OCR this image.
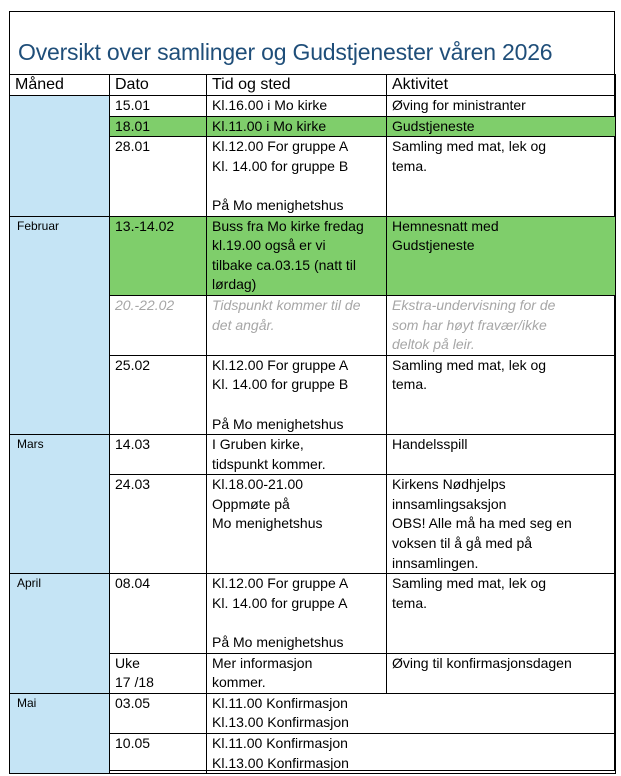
Oversikt over samlinger og Gudstjenester våren 2026
Måned	Dato	Tid og sted	Aktivitet
	15.01	Kl.16.00 i Mo kirke	Øving for ministranter

	18.01	Kl.11.00 i Mo kirke	Gudstjeneste

	28.01	Kl.12.00 For gruppe A
Kl. 14.00 for gruppe B
På Mo menighetshus	Samling med mat, lek og
tema.

Februar	13.-14.02	Buss fra Mo kirke fredag
kl.19.00 også er vi
tilbake ca.03.15 (natt til
lørdag)	Hemnesnatt med
Gudstjeneste

	20.-22.02	Tidspunkt kommer til de
det angår.	Ekstra-undervisning for de
som har høyt fravær/ikke
deltok på leir.

	25.02	Kl.12.00 For gruppe A
Kl. 14.00 for gruppe B
På Mo menighetshus	Samling med mat, lek og
tema.

Mars	14.03	I Gruben kirke,
tidspunkt kommer.	Handelsspill

	24.03	Kl.18.00-21.00
Oppmøte på
Mo menighetshus	Kirkens Nødhjelps
innsamlingsaksjon
OBS! Alle må ha med seg en
voksen til å gå med på
innsamlingen.

April	08.04	Kl.12.00 For gruppe A
Kl. 14.00 for gruppe A
På Mo menighetshus	Samling med mat, lek og
tema.

	Uke
17 /18	Mer informasjon
kommer.	Øving til konfirmasjonsdagen

Mai	03.05	Kl.11.00 Konfirmasjon
Kl.13.00 Konfirmasjon	

	10.05	Kl.11.00 Konfirmasjon
Kl.13.00 Konfirmasjon	
